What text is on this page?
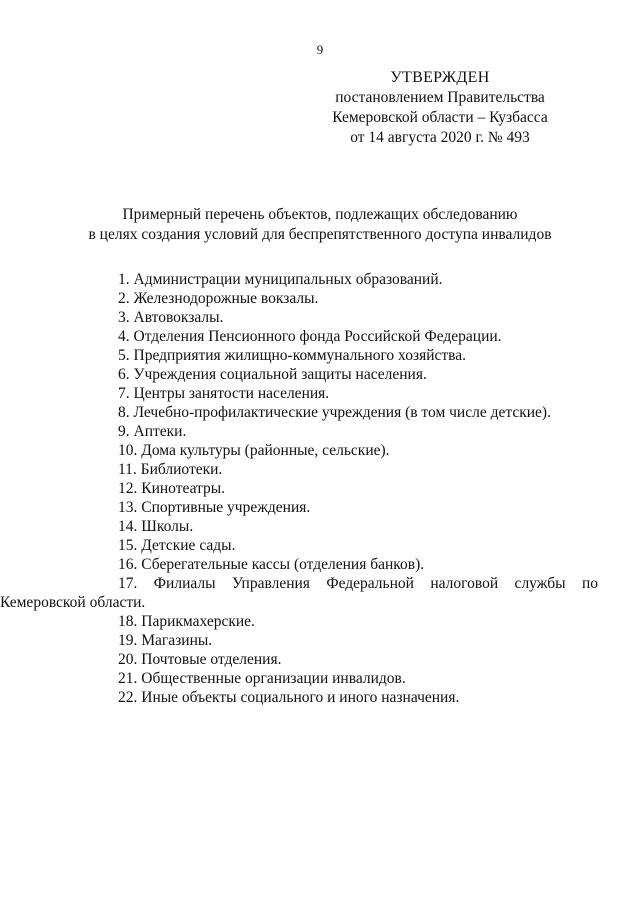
9
УТВЕРЖДЕН
постановлением Правительства
Кемеровской области – Кузбасса
от 14 августа 2020 г. № 493
Примерный перечень объектов, подлежащих обследованию
в целях создания условий для беспрепятственного доступа инвалидов
1. Администрации муниципальных образований.
2. Железнодорожные вокзалы.
3. Автовокзалы.
4. Отделения Пенсионного фонда Российской Федерации.
5. Предприятия жилищно-коммунального хозяйства.
6. Учреждения социальной защиты населения.
7. Центры занятости населения.
8. Лечебно-профилактические учреждения (в том числе детские).
9. Аптеки.
10. Дома культуры (районные, сельские).
11. Библиотеки.
12. Кинотеатры.
13. Спортивные учреждения.
14. Школы.
15. Детские сады.
16. Сберегательные кассы (отделения банков).
17. Филиалы Управления Федеральной налоговой службы по
Кемеровской области.
18. Парикмахерские.
19. Магазины.
20. Почтовые отделения.
21. Общественные организации инвалидов.
22. Иные объекты социального и иного назначения.
